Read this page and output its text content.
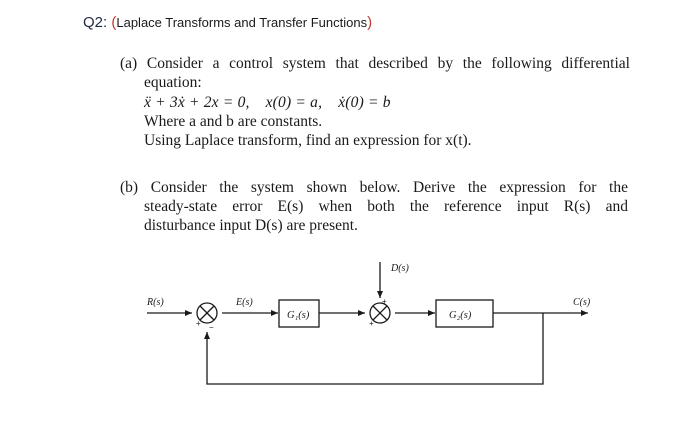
Q2: (Laplace Transforms and Transfer Functions)
(a) Consider a control system that described by the following differential
equation:
ẍ + 3ẋ + 2x = 0, x(0) = a, ẋ(0) = b
Where a and b are constants.
Using Laplace transform, find an expression for x(t).
(b) Consider the system shown below. Derive the expression for the
steady-state error E(s) when both the reference input R(s) and
disturbance input D(s) are present.
+ −
+
+
R(s)	E(s)
G₁(s)
D(s)
G₂(s)
C(s)
